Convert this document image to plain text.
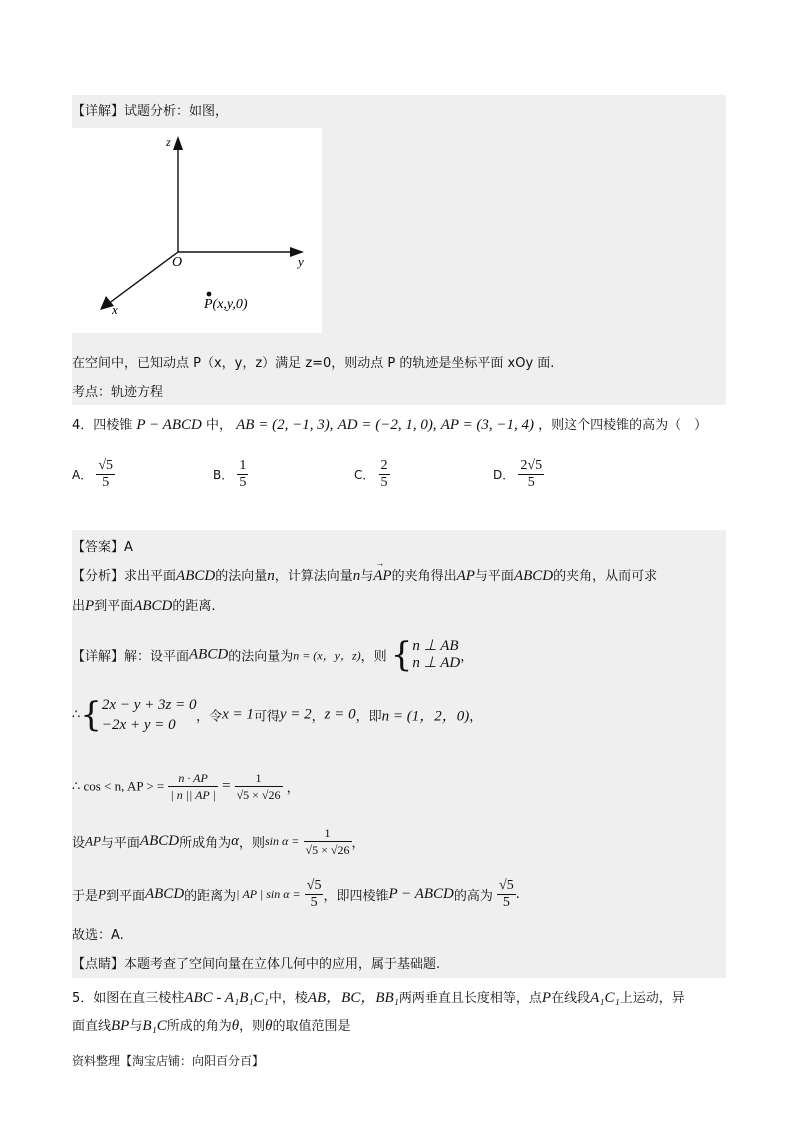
【详解】试题分析：如图，
z
y
x
O
P(x,y,0)
在空间中，已知动点 P（x，y，z）满足 z=0，则动点 P 的轨迹是坐标平面 xOy 面.
考点：轨迹方程
4．四棱锥 P − ABCD 中， AB = (2, −1, 3), AD = (−2, 1, 0), AP = (3, −1, 4) ，则这个四棱锥的高为（　）
A． $\frac{√5}{5}$	B． $\frac{1}{5}$	C． $\frac{2}{5}$	D． $\frac{2√5}{5}$
【答案】A
【分析】求出平面ABCD的法向量n，计算法向量n与→ AP的夹角得出AP与平面ABCD的夹角，从而可求
出P到平面ABCD的距离.
【详解】解：设平面ABCD的法向量为n = (x，y，z)，则 { n ⊥ AB
n ⊥ AD ，
∴{ 2x − y + 3z = 0
−2x + y = 0	，令x = 1可得y = 2，z = 0，即n = (1，2，0)，
∴ cos < n, AP > = $\frac{n \cdot AP}{| n || AP |} = \frac{1}{√5 \times √26}$ ，
设AP与平面ABCD所成角为α，则$\sin \alpha = \frac{1}{√5 \times √26}$ ，
于是P到平面ABCD的距离为| AP | $\sin \alpha = \frac{√5}{5}$ ，即四棱锥P − ABCD的高为 $\frac{√5}{5}$ .
故选：A.
【点睛】本题考查了空间向量在立体几何中的应用，属于基础题.
5．如图在直三棱柱ABC - A₁B₁C₁中，棱AB，BC，BB₁两两垂直且长度相等，点P在线段A₁C₁上运动，异
面直线BP与B₁C所成的角为θ，则θ的取值范围是
资料整理【淘宝店铺：向阳百分百】
